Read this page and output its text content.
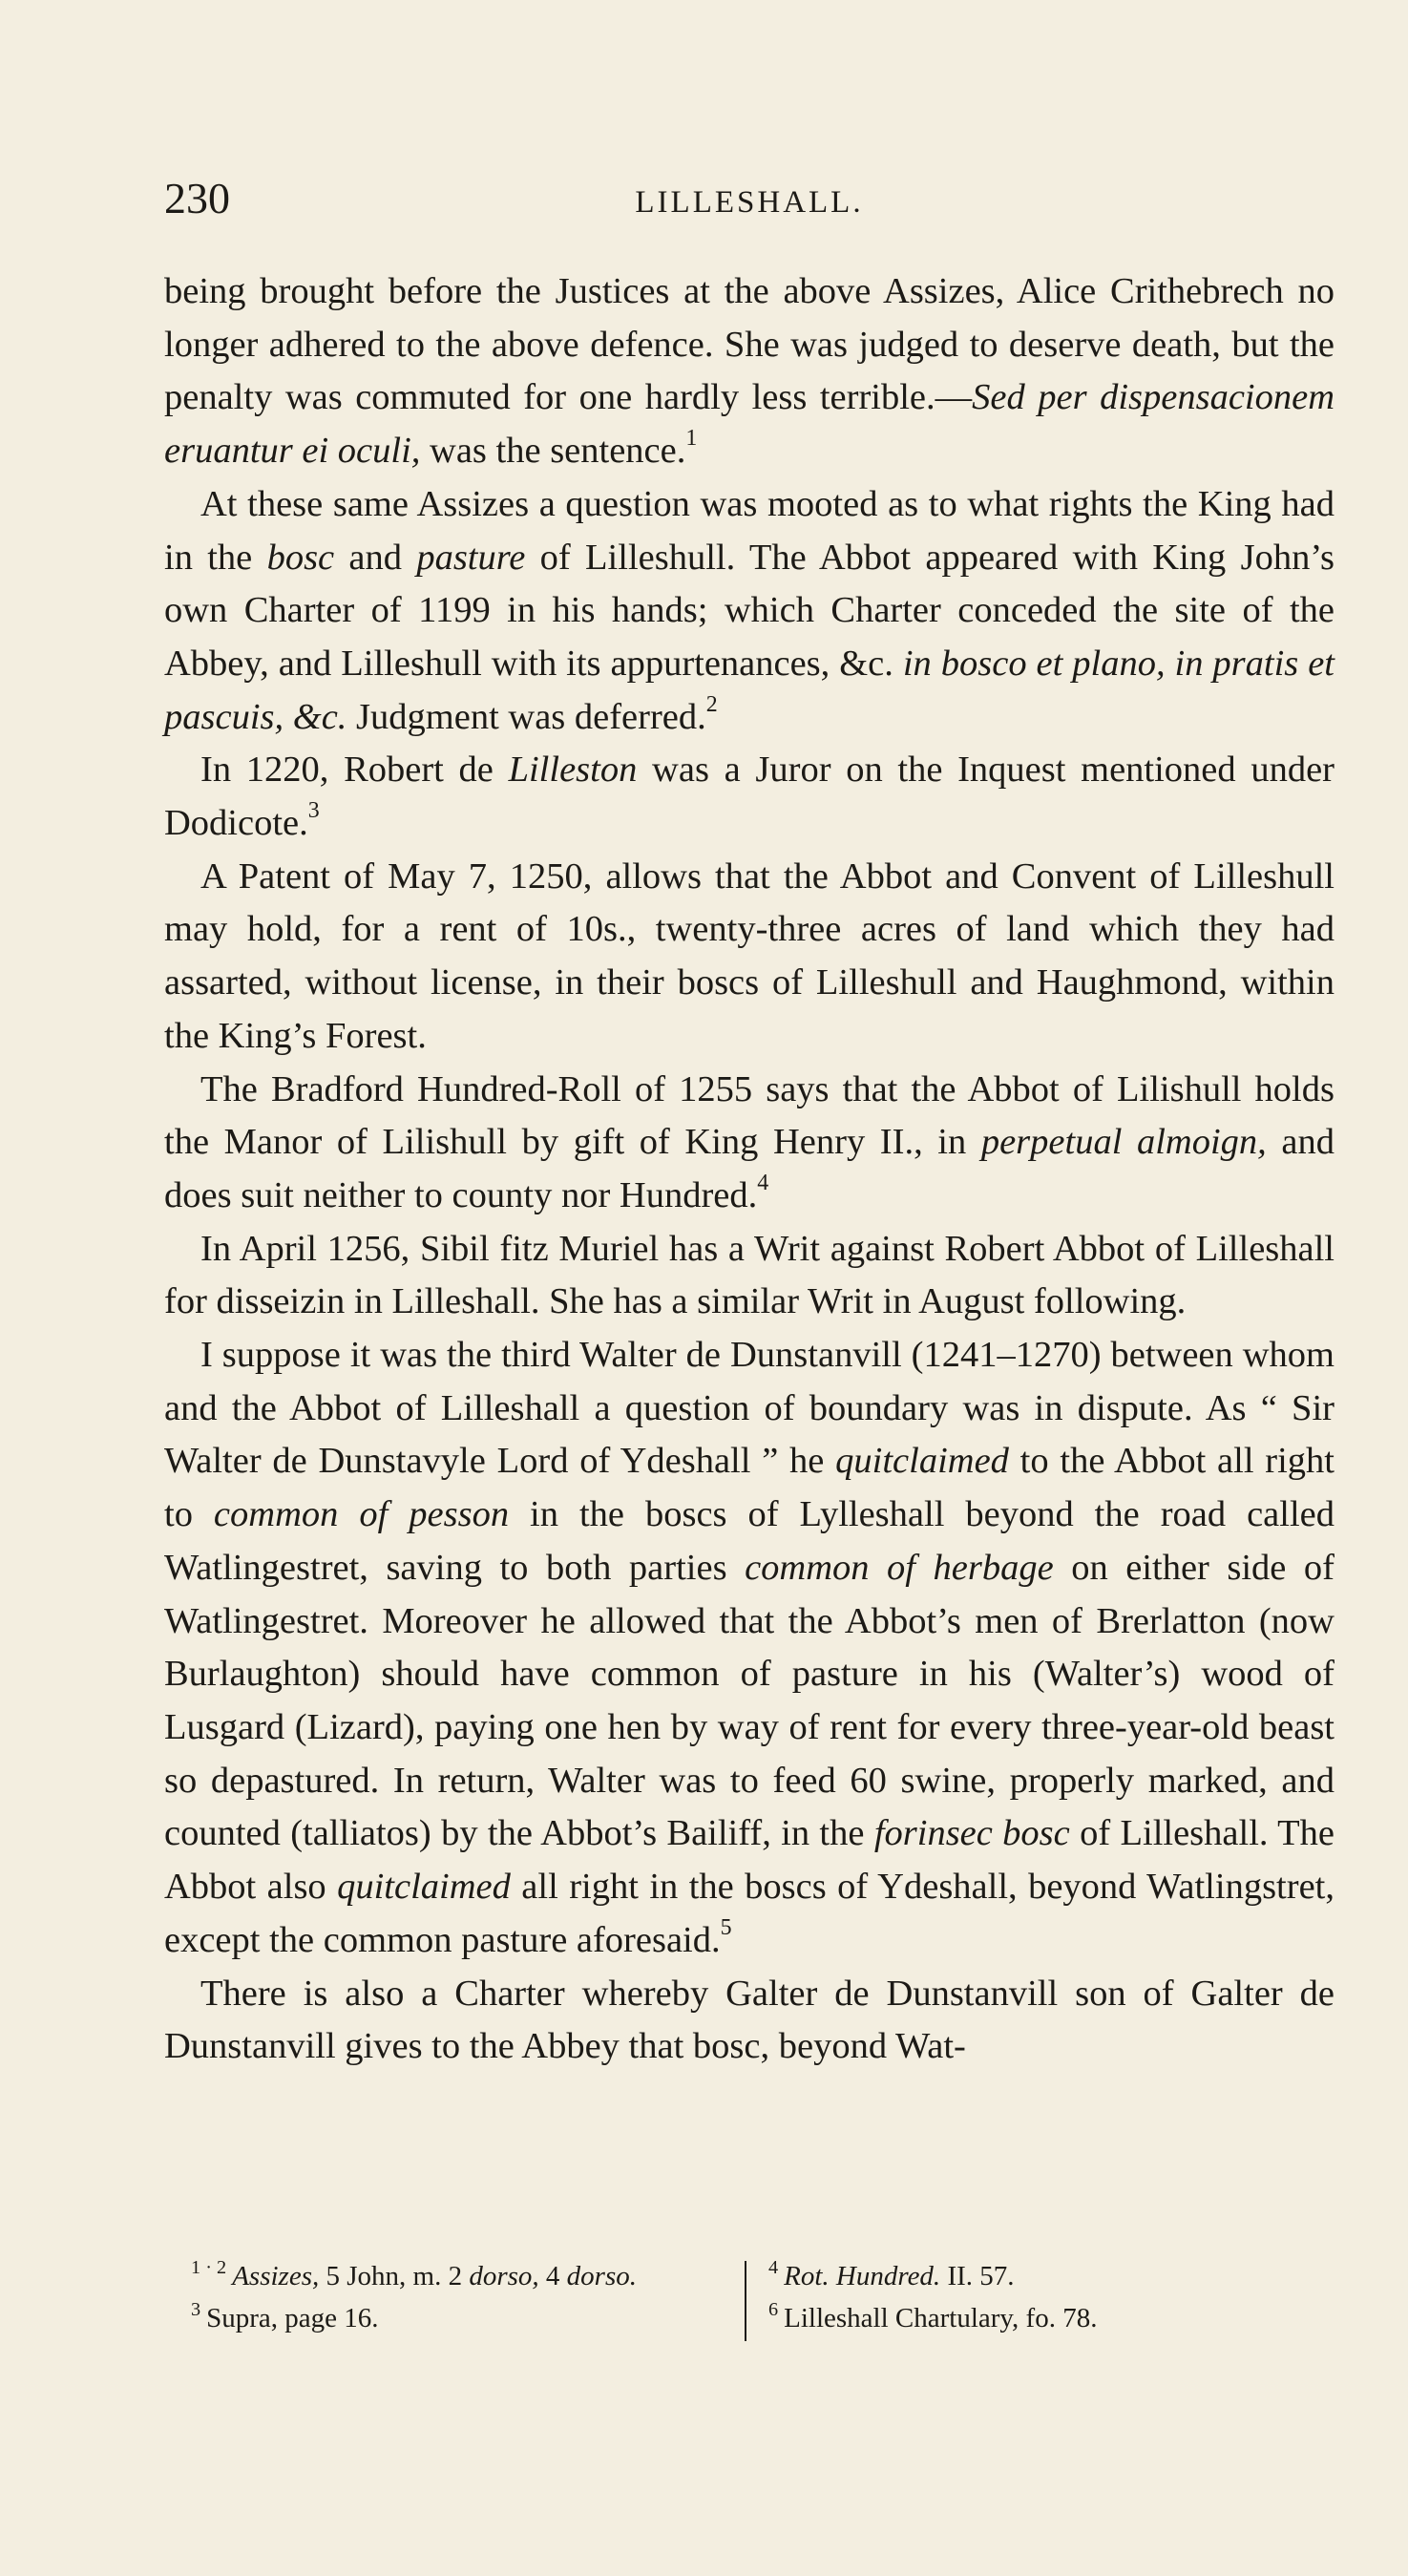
230	LILLESHALL.

being brought before the Justices at the above Assizes, Alice Crithebrech no longer adhered to the above defence. She was judged to deserve death, but the penalty was commuted for one hardly less terrible.—Sed per dispensacionem eruantur ei oculi, was the sentence.$^1$

At these same Assizes a question was mooted as to what rights the King had in the bosc and pasture of Lilleshull. The Abbot appeared with King John’s own Charter of 1199 in his hands; which Charter conceded the site of the Abbey, and Lilleshull with its appurtenances, &c. in bosco et plano, in pratis et pascuis, &c. Judgment was deferred.$^2$

In 1220, Robert de Lilleston was a Juror on the Inquest mentioned under Dodicote.$^3$

A Patent of May 7, 1250, allows that the Abbot and Convent of Lilleshull may hold, for a rent of 10s., twenty-three acres of land which they had assarted, without license, in their boscs of Lilleshull and Haughmond, within the King’s Forest.

The Bradford Hundred-Roll of 1255 says that the Abbot of Lilishull holds the Manor of Lilishull by gift of King Henry II., in perpetual almoign, and does suit neither to county nor Hundred.$^4$

In April 1256, Sibil fitz Muriel has a Writ against Robert Abbot of Lilleshall for disseizin in Lilleshall. She has a similar Writ in August following.

I suppose it was the third Walter de Dunstanvill (1241–1270) between whom and the Abbot of Lilleshall a question of boundary was in dispute. As “ Sir Walter de Dunstavyle Lord of Ydeshall ” he quitclaimed to the Abbot all right to common of pesson in the boscs of Lylleshall beyond the road called Watlingestret, saving to both parties common of herbage on either side of Watlingestret. Moreover he allowed that the Abbot’s men of Brerlatton (now Burlaughton) should have common of pasture in his (Walter’s) wood of Lusgard (Lizard), paying one hen by way of rent for every three-year-old beast so depastured. In return, Walter was to feed 60 swine, properly marked, and counted (talliatos) by the Abbot’s Bailiff, in the forinsec bosc of Lilleshall. The Abbot also quitclaimed all right in the boscs of Ydeshall, beyond Watlingstret, except the common pasture aforesaid.$^5$

There is also a Charter whereby Galter de Dunstanvill son of Galter de Dunstanvill gives to the Abbey that bosc, beyond Wat-

$^{1 \cdot 2}$ Assizes, 5 John, m. 2 dorso, 4 dorso.
$^3$ Supra, page 16.
$^4$ Rot. Hundred. II. 57.
$^6$ Lilleshall Chartulary, fo. 78.
